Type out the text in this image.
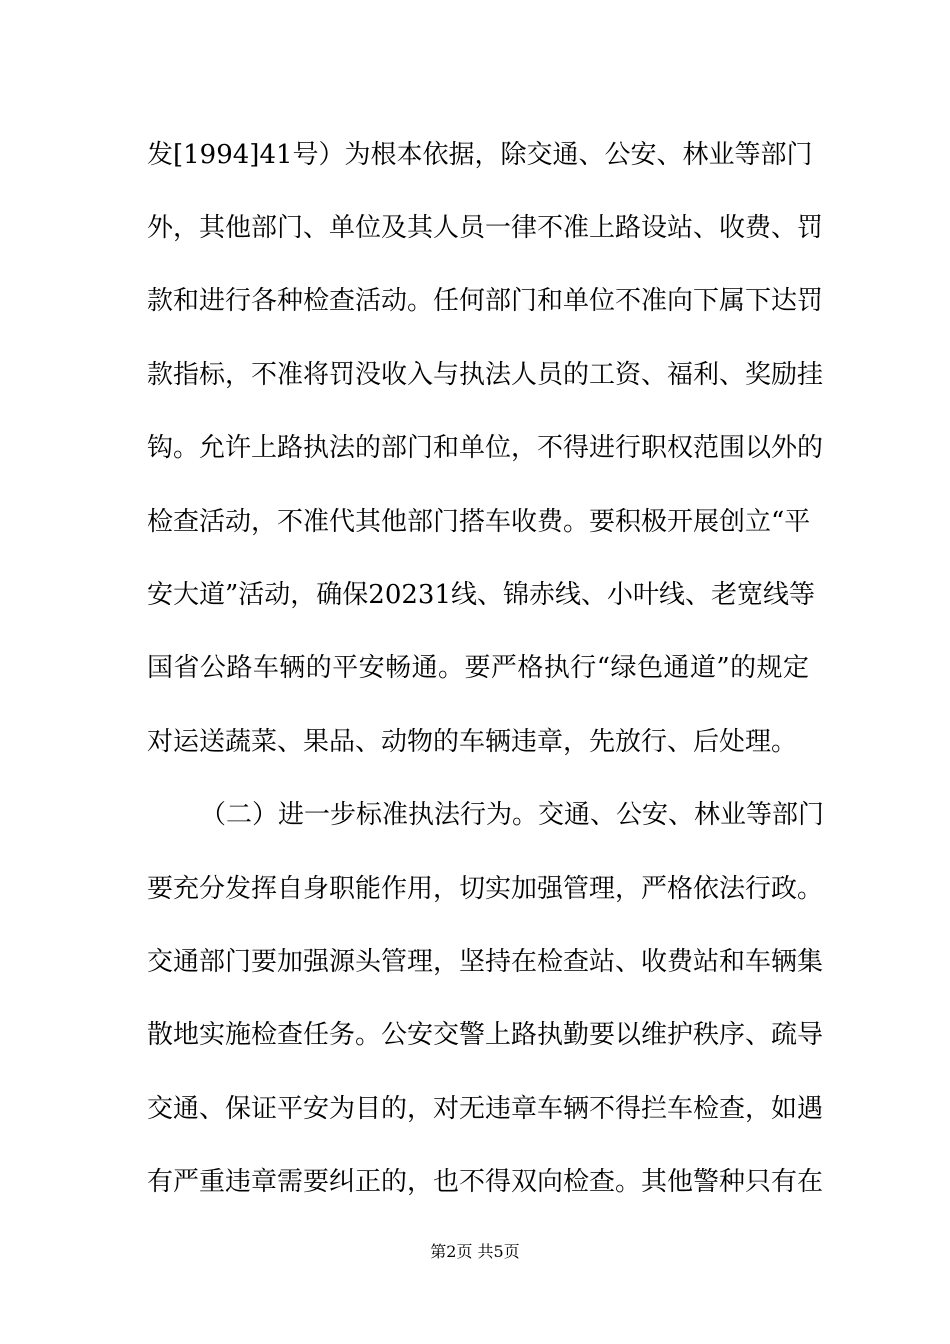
发[1994]41号）为根本依据，除交通、公安、林业等部门
外，其他部门、单位及其人员一律不准上路设站、收费、罚
款和进行各种检查活动。任何部门和单位不准向下属下达罚
款指标，不准将罚没收入与执法人员的工资、福利、奖励挂
钩。允许上路执法的部门和单位，不得进行职权范围以外的
检查活动，不准代其他部门搭车收费。要积极开展创立“平
安大道”活动，确保20231线、锦赤线、小叶线、老宽线等
国省公路车辆的平安畅通。要严格执行“绿色通道”的规定
对运送蔬菜、果品、动物的车辆违章，先放行、后处理。
（二）进一步标准执法行为。交通、公安、林业等部门
要充分发挥自身职能作用，切实加强管理，严格依法行政。
交通部门要加强源头管理，坚持在检查站、收费站和车辆集
散地实施检查任务。公安交警上路执勤要以维护秩序、疏导
交通、保证平安为目的，对无违章车辆不得拦车检查，如遇
有严重违章需要纠正的，也不得双向检查。其他警种只有在
第2页 共5页
